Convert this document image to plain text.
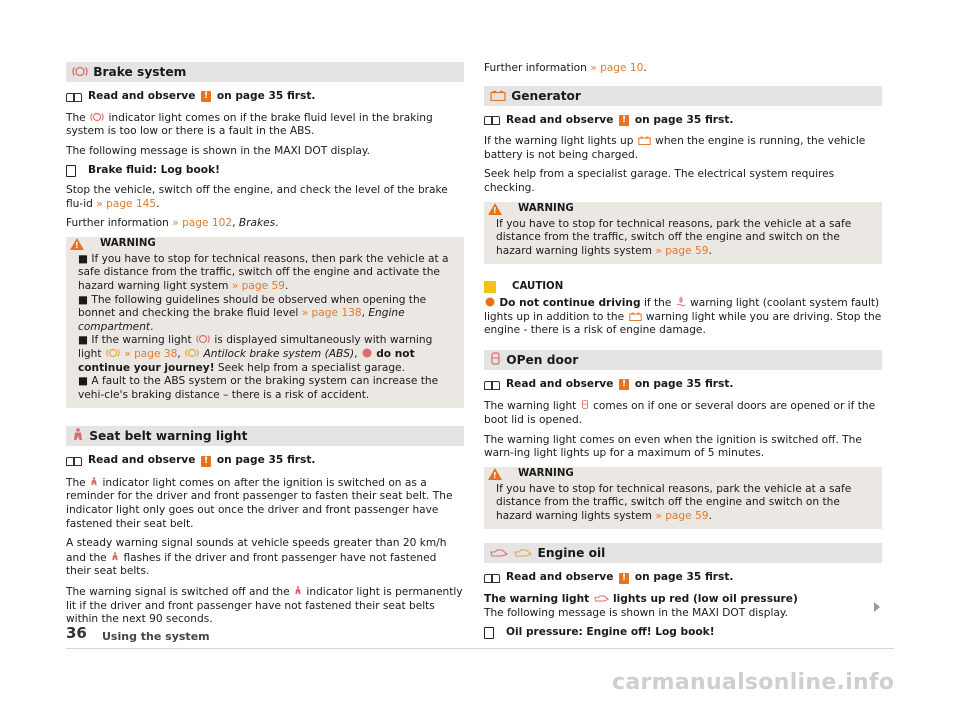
Brake system
Read and observe
!
on page 35 first.

The indicator light comes on if the brake fluid level in the braking system is too low or there is a fault in the ABS.

The following message is shown in the MAXI DOT display.

Brake fluid: Log book!

Stop the vehicle, switch off the engine, and check the level of the brake flu-id » page 145.

Further information » page 102, Brakes.

!
WARNING
■ If you have to stop for technical reasons, then park the vehicle at a safe distance from the traffic, switch off the engine and activate the hazard warning light system » page 59.
■ The following guidelines should be observed when opening the bonnet and checking the brake fluid level » page 138, Engine compartment.
■ If the warning light is displayed simultaneously with warning light » page 38,  Antilock brake system (ABS),  do not continue your journey! Seek help from a specialist garage.
■ A fault to the ABS system or the braking system can increase the vehi-cle's braking distance – there is a risk of accident.
Seat belt warning light
Read and observe
!
on page 35 first.

The indicator light comes on after the ignition is switched on as a reminder for the driver and front passenger to fasten their seat belt. The indicator light only goes out once the driver and front passenger have fastened their seat belt.

A steady warning signal sounds at vehicle speeds greater than 20 km/h and the flashes if the driver and front passenger have not fastened their seat belts.

The warning signal is switched off and the indicator light is permanently lit if the driver and front passenger have not fastened their seat belts within the next 90 seconds.

Further information » page 10.

Generator
Read and observe
!
on page 35 first.

If the warning light lights up when the engine is running, the vehicle battery is not being charged.

Seek help from a specialist garage. The electrical system requires checking.

!
WARNING
If you have to stop for technical reasons, park the vehicle at a safe distance from the traffic, switch off the engine and switch on the hazard warning lights system » page 59.
CAUTION

Do not continue driving if the warning light (coolant system fault) lights up in addition to the warning light while you are driving. Stop the engine - there is a risk of engine damage.

OPen door
Read and observe
!
on page 35 first.

The warning light comes on if one or several doors are opened or if the boot lid is opened.

The warning light comes on even when the ignition is switched off. The warn-ing light lights up for a maximum of 5 minutes.

!
WARNING
If you have to stop for technical reasons, park the vehicle at a safe distance from the traffic, switch off the engine and switch on the hazard warning lights system » page 59.
Engine oil
Read and observe
!
on page 35 first.

The warning light lights up red (low oil pressure)

The following message is shown in the MAXI DOT display.

Oil pressure: Engine off! Log book!

36 Using the system
carmanualsonline.info
